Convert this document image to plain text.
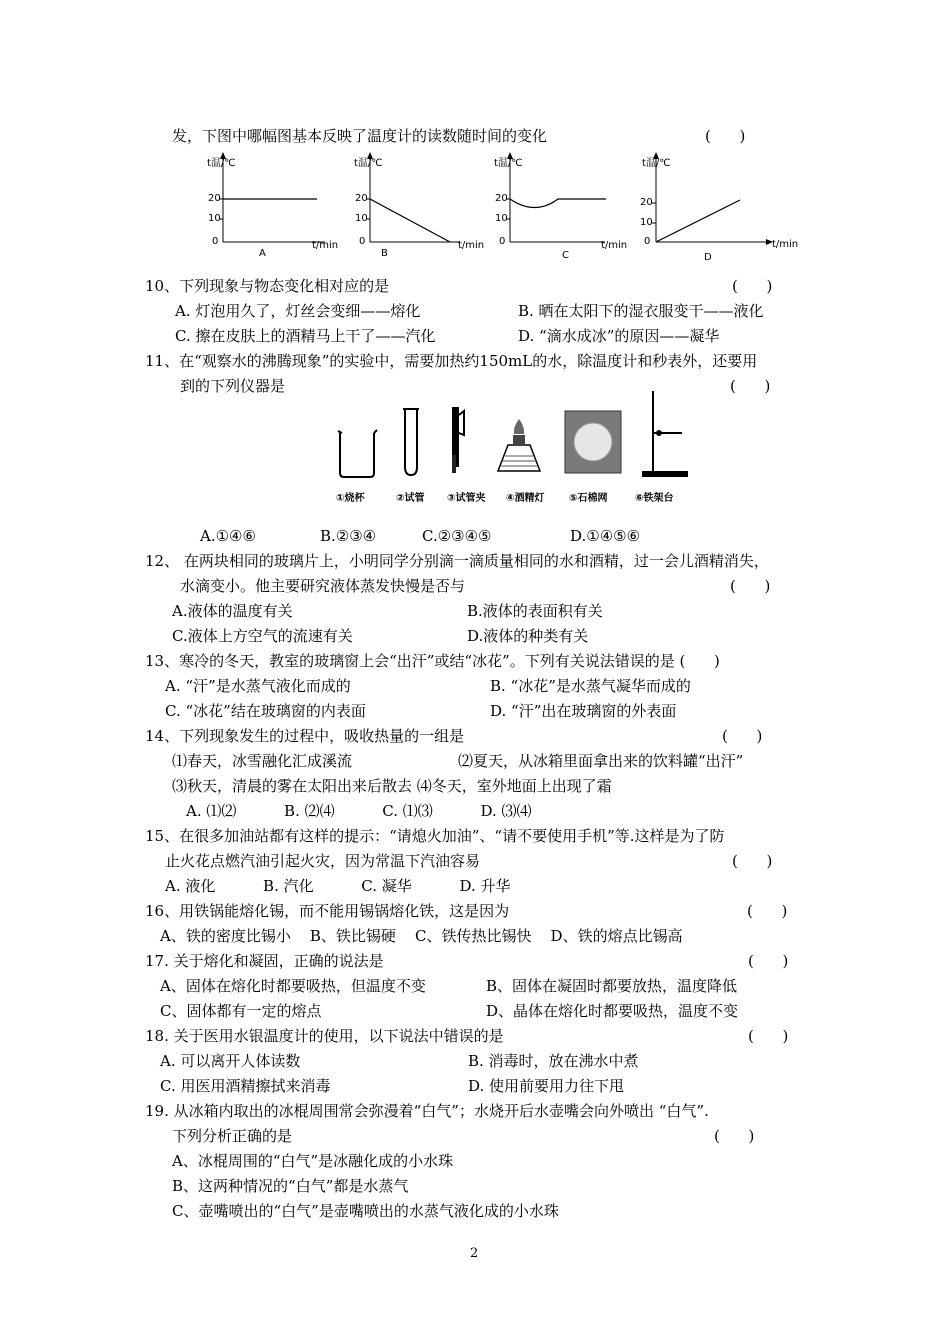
发，下图中哪幅图基本反映了温度计的读数随时间的变化	(      )
t温/℃
20
10
0
A
t温/℃
20
10
0	t/min
B
t/min
t温/℃
20
10
0	t/min
C
t温/℃
20
10
0
D
t/min
10、下列现象与物态变化相对应的是	(      )
A. 灯泡用久了，灯丝会变细——熔化	B. 晒在太阳下的湿衣服变干——液化
C. 擦在皮肤上的酒精马上干了——汽化	D. “滴水成冰”的原因——凝华
11、在“观察水的沸腾现象”的实验中，需要加热约150mL的水，除温度计和秒表外，还要用
到的下列仪器是	(      )
①烧杯	②试管 ③试管夹 ④酒精灯 ⑤石棉网	⑥铁架台
A.①④⑥	B.②③④	C.②③④⑤	D.①④⑤⑥
12、 在两块相同的玻璃片上，小明同学分别滴一滴质量相同的水和酒精，过一会儿酒精消失，
水滴变小。他主要研究液体蒸发快慢是否与	(      )
A.液体的温度有关	B.液体的表面积有关
C.液体上方空气的流速有关	D.液体的种类有关
13、寒冷的冬天，教室的玻璃窗上会“出汗”或结“冰花”。下列有关说法错误的是 (      )
A. “汗”是水蒸气液化而成的	B. “冰花”是水蒸气凝华而成的
C. “冰花”结在玻璃窗的内表面	D. “汗”出在玻璃窗的外表面
14、下列现象发生的过程中，吸收热量的一组是	(      )
⑴春天，冰雪融化汇成溪流	⑵夏天，从冰箱里面拿出来的饮料罐“出汗”
⑶秋天，清晨的雾在太阳出来后散去 ⑷冬天，室外地面上出现了霜
A. ⑴⑵          B. ⑵⑷          C. ⑴⑶          D. ⑶⑷
15、在很多加油站都有这样的提示：“请熄火加油”、“请不要使用手机”等.这样是为了防
止火花点燃汽油引起火灾，因为常温下汽油容易	(      )
A. 液化          B. 汽化          C. 凝华          D. 升华
16、用铁锅能熔化锡，而不能用锡锅熔化铁，这是因为	(      )
A、铁的密度比锡小    B、铁比锡硬    C、铁传热比锡快    D、铁的熔点比锡高
17. 关于熔化和凝固，正确的说法是	(      )
A、固体在熔化时都要吸热，但温度不变	B、固体在凝固时都要放热，温度降低
C、固体都有一定的熔点	D、晶体在熔化时都要吸热，温度不变
18. 关于医用水银温度计的使用，以下说法中错误的是	(      )
A. 可以离开人体读数	B. 消毒时，放在沸水中煮
C. 用医用酒精擦拭来消毒	D. 使用前要用力往下甩
19. 从冰箱内取出的冰棍周围常会弥漫着“白气”；水烧开后水壶嘴会向外喷出 “白气”.
下列分析正确的是	(      )
A、冰棍周围的“白气”是冰融化成的小水珠
B、这两种情况的“白气”都是水蒸气
C、壶嘴喷出的“白气”是壶嘴喷出的水蒸气液化成的小水珠
2
